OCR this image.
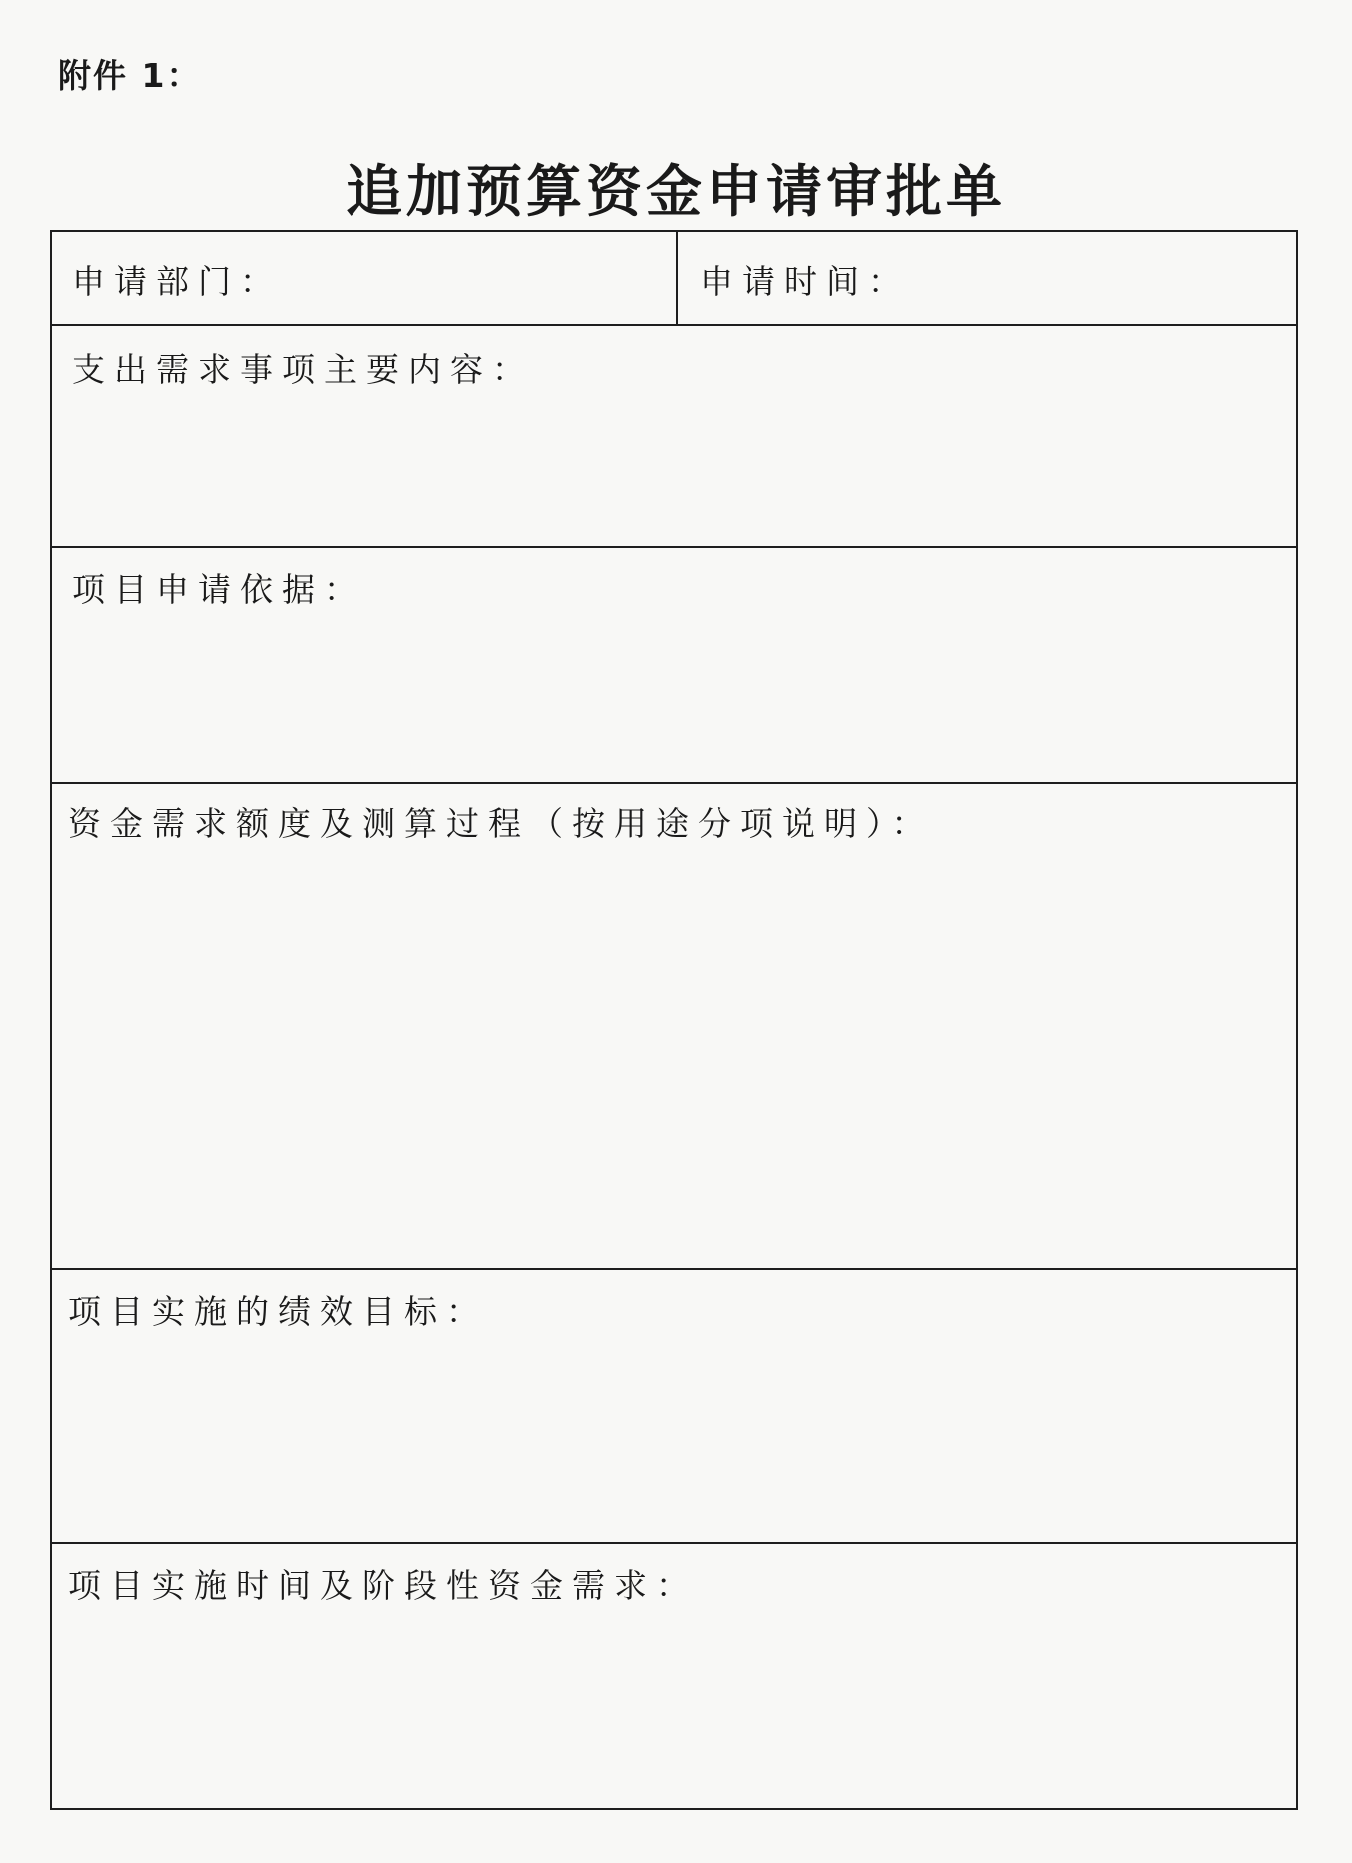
附件 1：
追加预算资金申请审批单
申请部门：	申请时间：
支出需求事项主要内容：
项目申请依据：
资金需求额度及测算过程（按用途分项说明）：
项目实施的绩效目标：
项目实施时间及阶段性资金需求：
